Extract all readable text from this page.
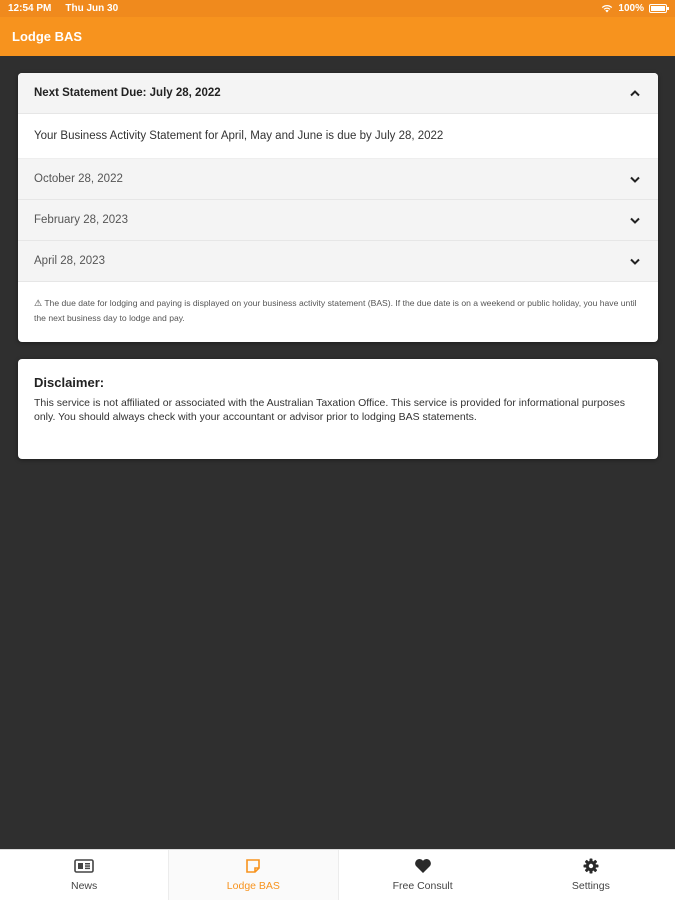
12:54 PM Thu Jun 30	100%
Lodge BAS
Next Statement Due: July 28, 2022
Your Business Activity Statement for April, May and June is due by July 28, 2022
October 28, 2022
February 28, 2023
April 28, 2023
⚠ The due date for lodging and paying is displayed on your business activity statement (BAS). If the due date is on a weekend or public holiday, you have until the next business day to lodge and pay.
Disclaimer:
This service is not affiliated or associated with the Australian Taxation Office. This service is provided for informational purposes only. You should always check with your accountant or advisor prior to lodging BAS statements.
News	Lodge BAS	Free Consult	Settings
